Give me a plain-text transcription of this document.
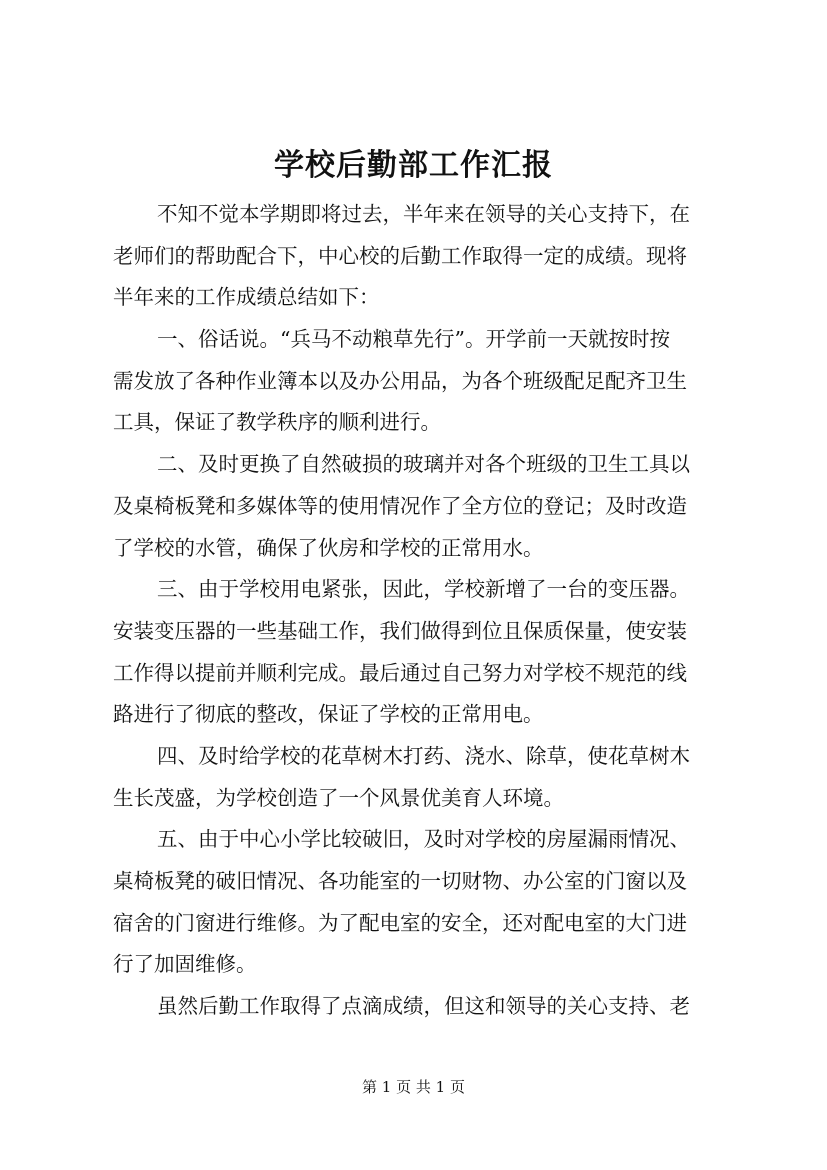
学校后勤部工作汇报
不知不觉本学期即将过去，半年来在领导的关心支持下，在
老师们的帮助配合下，中心校的后勤工作取得一定的成绩。现将
半年来的工作成绩总结如下：
一、俗话说。“兵马不动粮草先行”。开学前一天就按时按
需发放了各种作业簿本以及办公用品，为各个班级配足配齐卫生
工具，保证了教学秩序的顺利进行。
二、及时更换了自然破损的玻璃并对各个班级的卫生工具以
及桌椅板凳和多媒体等的使用情况作了全方位的登记；及时改造
了学校的水管，确保了伙房和学校的正常用水。
三、由于学校用电紧张，因此，学校新增了一台的变压器。
安装变压器的一些基础工作，我们做得到位且保质保量，使安装
工作得以提前并顺利完成。最后通过自己努力对学校不规范的线
路进行了彻底的整改，保证了学校的正常用电。
四、及时给学校的花草树木打药、浇水、除草，使花草树木
生长茂盛，为学校创造了一个风景优美育人环境。
五、由于中心小学比较破旧，及时对学校的房屋漏雨情况、
桌椅板凳的破旧情况、各功能室的一切财物、办公室的门窗以及
宿舍的门窗进行维修。为了配电室的安全，还对配电室的大门进
行了加固维修。
虽然后勤工作取得了点滴成绩，但这和领导的关心支持、老
第 1 页 共 1 页
